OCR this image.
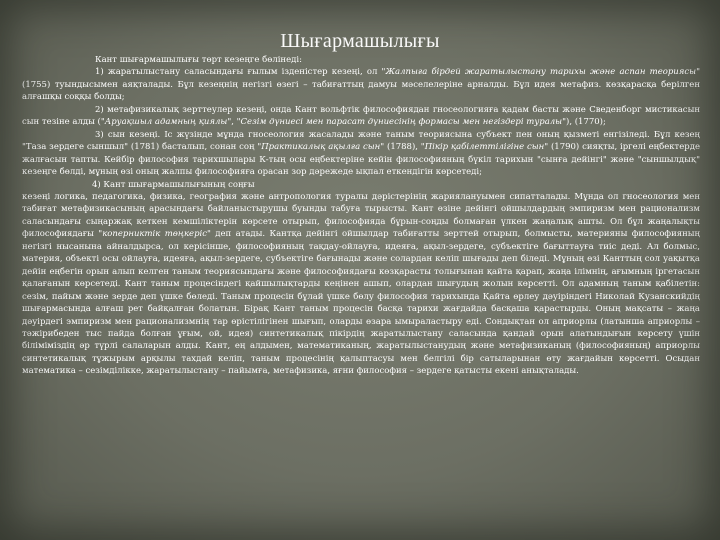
Шығармашылығы

Кант шығармашылығы төрт кезеңге бөлінеді:

1) жаратылыстану саласындағы ғылым ізденістер кезеңі, ол "Жалпыға бірдей жаратылыстану тарихы және аспан теориясы" (1755) туындысымен аяқталады. Бұл кезеңнің негізгі өзегі – табиғаттың дамуы мәселелеріне арналды. Бұл идея метафиз. көзқарасқа берілген алғашқы соққы болды;

2) метафизикалық зерттеулер кезеңі, онда Кант вольфтік философиядан гносеологияға қадам басты және Сведенборг мистикасын сын тезіне алды ("Аруақшыл адамның қиялы", "Сезім дүниесі мен парасат дүниесінің формасы мен негіздері туралы"), (1770);

3) сын кезеңі. Іс жүзінде мұнда гносеология жасалады және таным теориясына субъект пен оның қызметі енгізіледі. Бұл кезең "Таза зердеге сыншыл" (1781) басталып, сонан соң "Практикалық ақылға сын" (1788), "Пікір қабілеттілігіне сын" (1790) сияқты, іргелі еңбектерде жалғасын тапты. Кейбір философия тарихшылары К-тың осы еңбектеріне кейін философияның бүкіл тарихын "сынға дейінгі" және "сыншылдық" кезеңге бөлді, мұның өзі оның жалпы философияға орасан зор дәрежеде ықпал еткендігін көрсетеді;

4) Кант шығармашылығының соңғы

кезеңі логика, педагогика, физика, география және антропология туралы дәрістерінің жариялануымен сипатталады. Мұнда ол гносеология мен табиғат метафизикасының арасындағы байланыстырушы буынды табуға тырысты. Кант өзіне дейінгі ойшылдардың эмпиризм мен рационализм саласындағы сыңаржақ кеткен кемшіліктерін көрсете отырып, философияда бұрын-соңды болмаған үлкен жаңалық ашты. Ол бұл жаңалықты философиядағы "коперниктік төңкеріс" деп атады. Кантқа дейінгі ойшылдар табиғатты зерттей отырып, болмысты, материяны философияның негізгі нысанына айналдырса, ол керісінше, философияның тақдау-ойлауға, идеяға, ақыл-зердеге, субъектіге бағыттауға тиіс деді. Ал болмыс, материя, объекті осы ойлауға, идеяға, ақыл-зердеге, субъектіге бағынады және солардан келіп шығады деп біледі. Мұның өзі Канттың сол уақытқа дейін еңбегін орын алып келген таным теориясындағы және философиядағы көзқарасты толығынан қайта қарап, жаңа ілімнің, ағымның іргетасын қалағанын көрсетеді. Кант таным процесіндегі қайшылықтарды кеңінен ашып, олардан шығудың жолын көрсетті. Ол адамның таным қабілетін: сезім, пайым және зерде деп үшке бөледі. Таным процесін бұлай үшке бөлу философия тарихында Қайта өрлеу дәуіріндегі Николай Кузанскийдің шығармасында алғаш рет байқалған болатын. Бірақ Кант таным процесін басқа тарихи жағдайда басқаша қарастырды. Оның мақсаты – жаңа дәуірдегі эмпиризм мен рационализмнің тар өрістілігінен шығып, оларды өзара ымыраластыру еді. Сондықтан ол априорлы (латынша априорлы – тәжірибеден тыс пайда болған ұғым, ой, идея) синтетикалық пікірдің жаратылыстану саласында қандай орын алатындығын көрсету үшін біліміміздің әр түрлі салаларын алды. Кант, ең алдымен, математиканың, жаратылыстанудың және метафизиканың (философияның) априорлы синтетикалық тұжырым арқылы тахдай келіп, таным процесінің қалыптасуы мен белгілі бір сатыларынан өту жағдайын көрсетті. Осыдан математика – сезімділікке, жаратылыстану – пайымға, метафизика, яғни философия – зердеге қатысты екені анықталады.
